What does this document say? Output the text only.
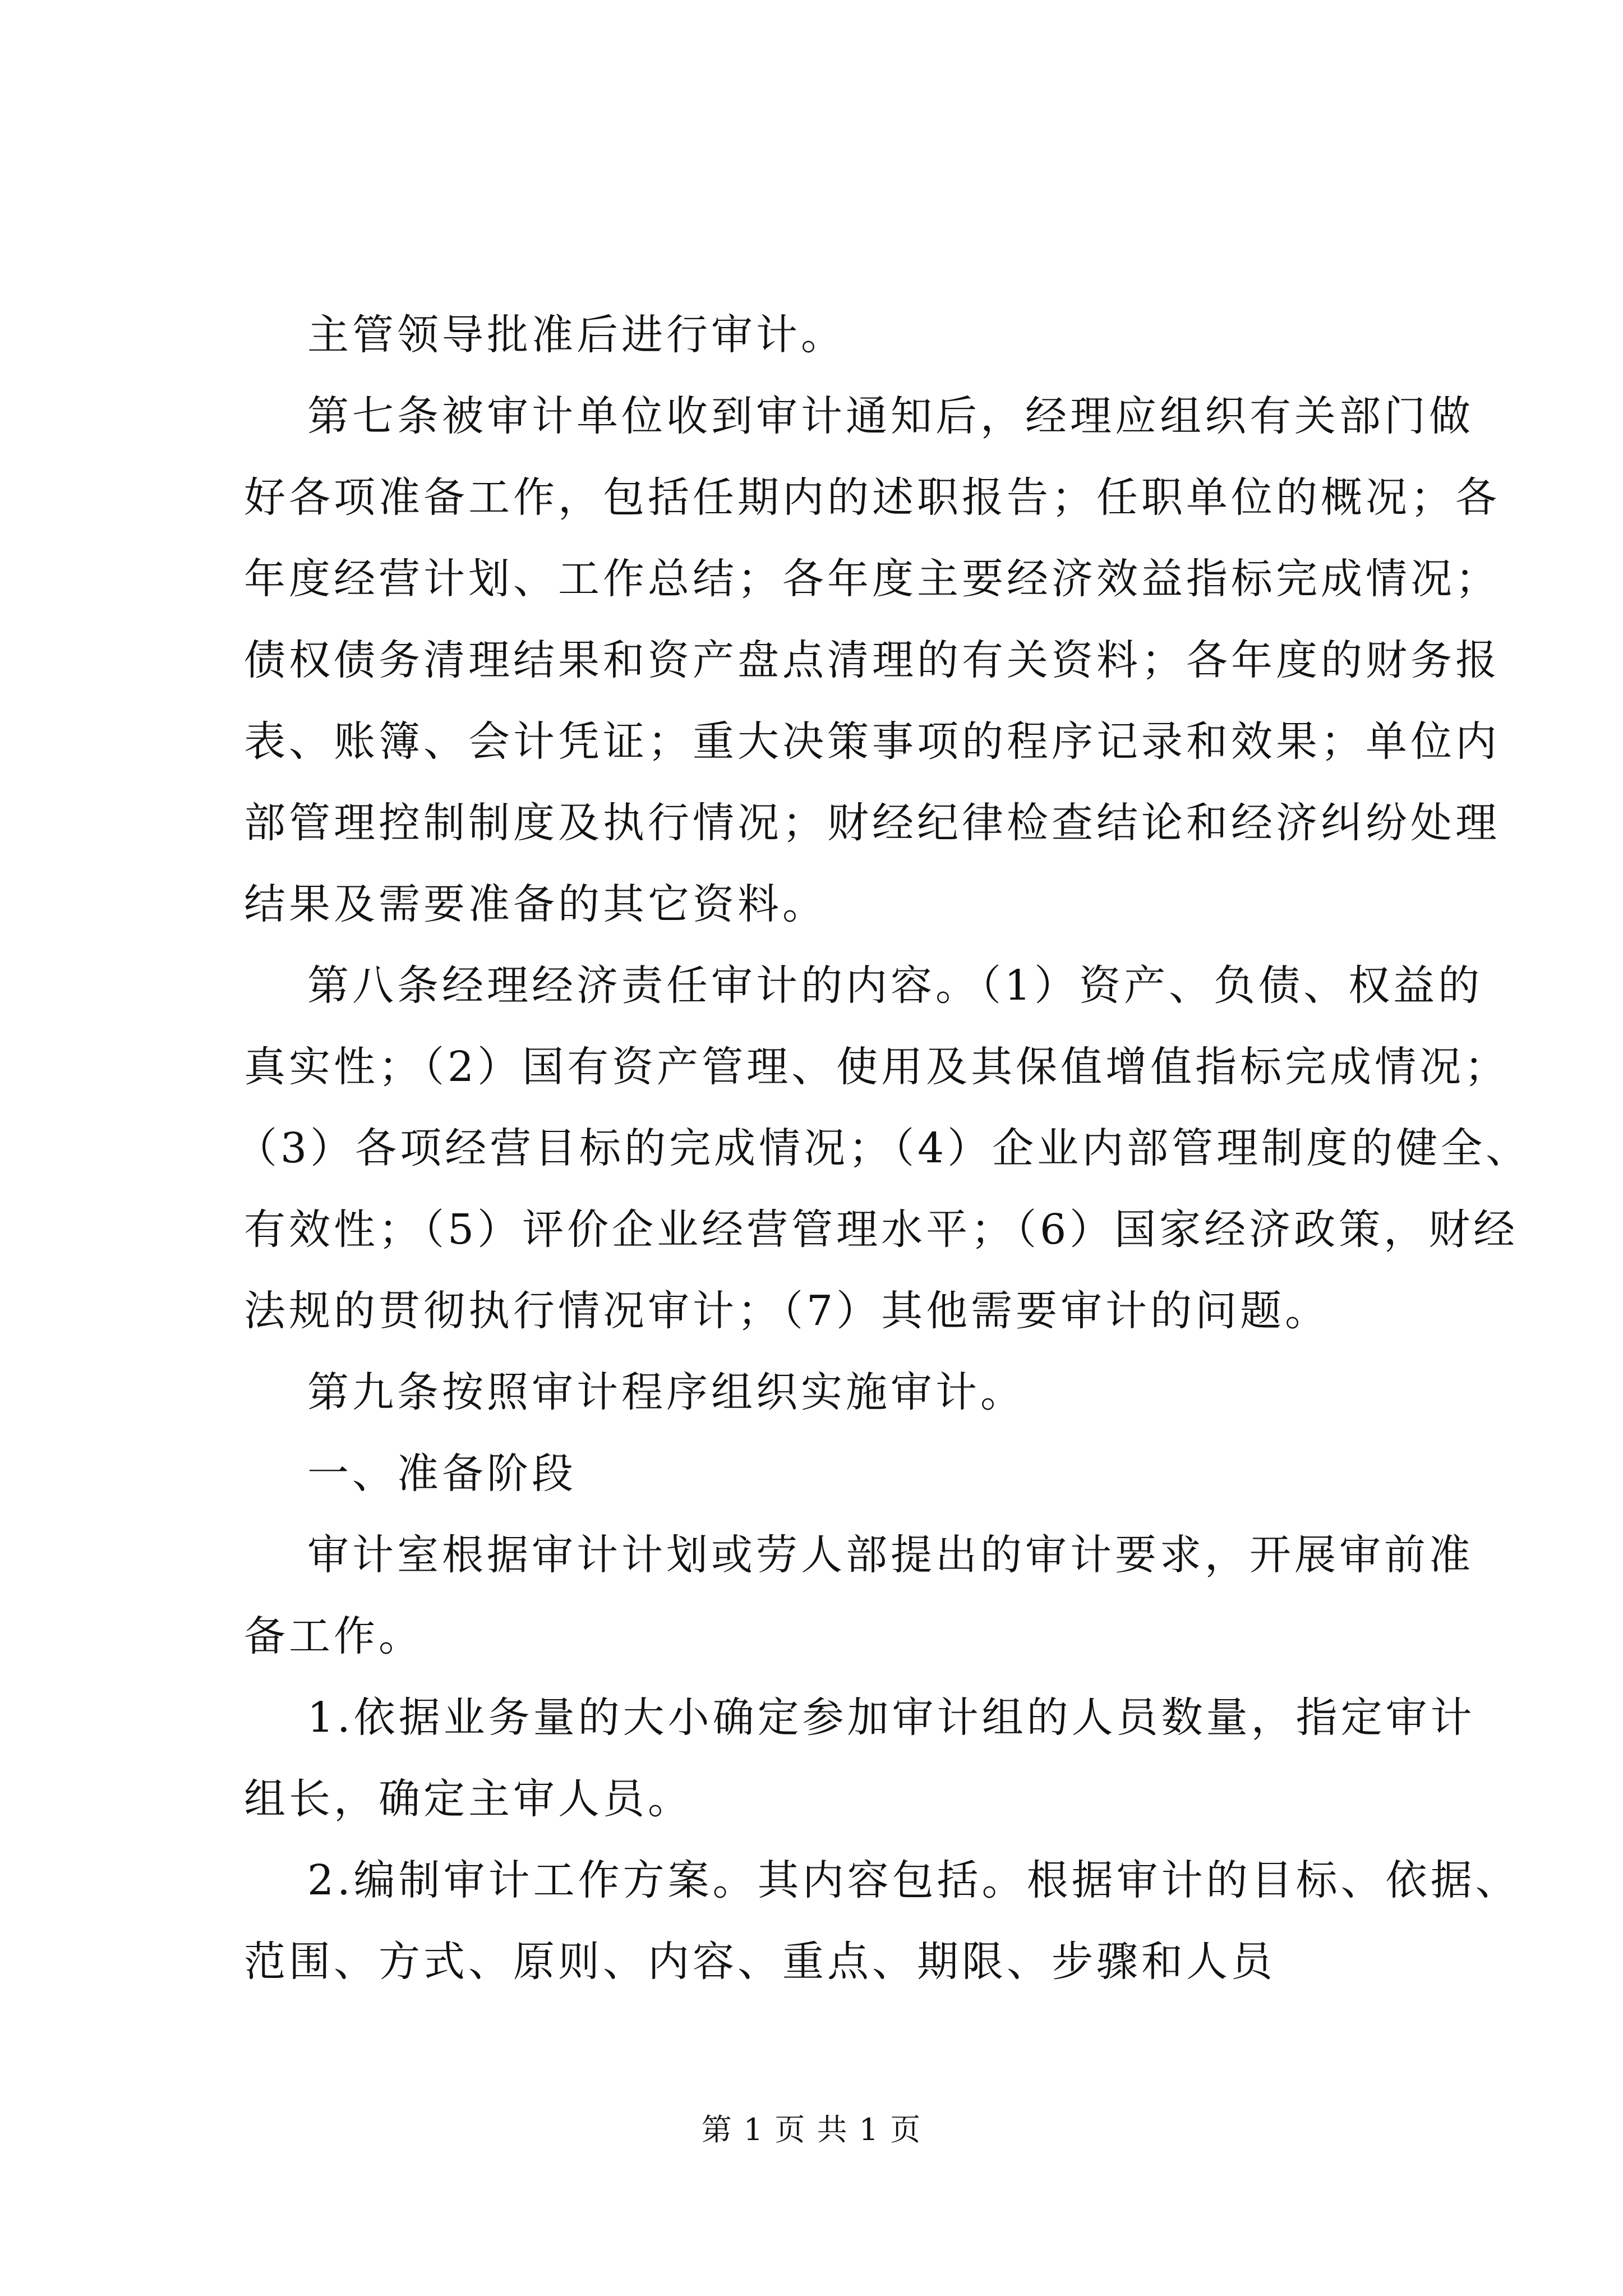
主管领导批准后进行审计。
第七条被审计单位收到审计通知后，经理应组织有关部门做
好各项准备工作，包括任期内的述职报告；任职单位的概况；各
年度经营计划、工作总结；各年度主要经济效益指标完成情况；
债权债务清理结果和资产盘点清理的有关资料；各年度的财务报
表、账簿、会计凭证；重大决策事项的程序记录和效果；单位内
部管理控制制度及执行情况；财经纪律检查结论和经济纠纷处理
结果及需要准备的其它资料。
第八条经理经济责任审计的内容。（1）资产、负债、权益的
真实性；（2）国有资产管理、使用及其保值增值指标完成情况；
（3）各项经营目标的完成情况；（4）企业内部管理制度的健全、
有效性；（5）评价企业经营管理水平；（6）国家经济政策，财经
法规的贯彻执行情况审计；（7）其他需要审计的问题。
第九条按照审计程序组织实施审计。
一、准备阶段
审计室根据审计计划或劳人部提出的审计要求，开展审前准
备工作。
1.依据业务量的大小确定参加审计组的人员数量，指定审计
组长，确定主审人员。
2.编制审计工作方案。其内容包括。根据审计的目标、依据、
范围、方式、原则、内容、重点、期限、步骤和人员
第 1 页 共 1 页
